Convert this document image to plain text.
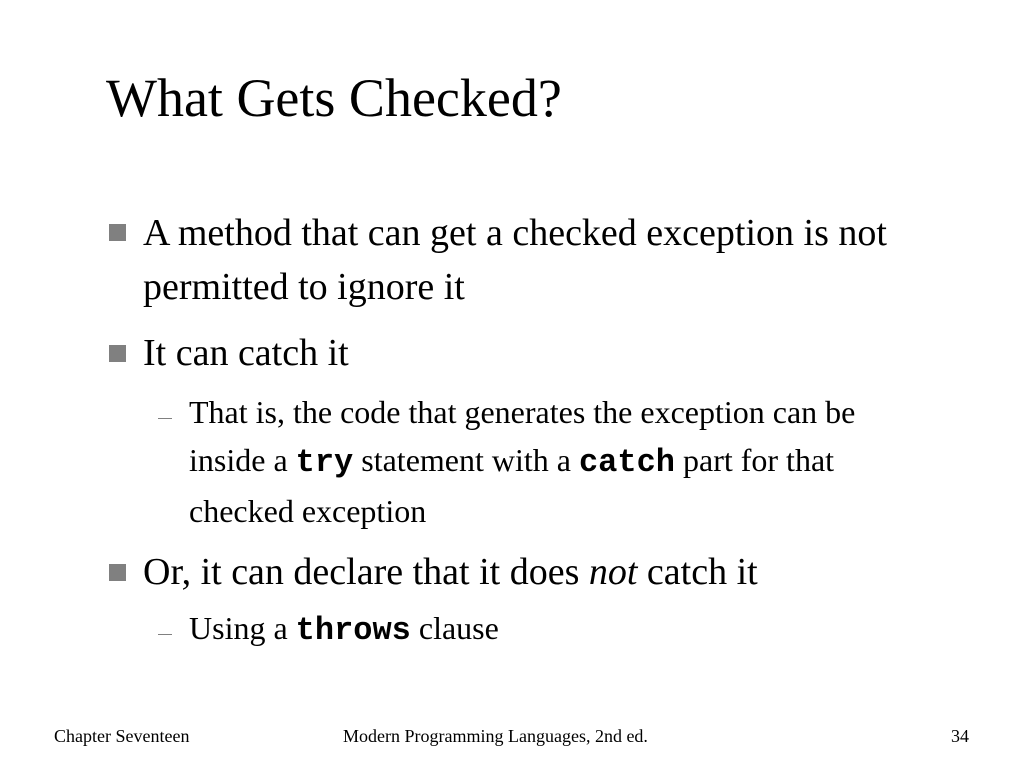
What Gets Checked?
A method that can get a checked exception is not permitted to ignore it
It can catch it
That is, the code that generates the exception can be inside a try statement with a catch part for that checked exception
Or, it can declare that it does not catch it
Using a throws clause
Chapter Seventeen	Modern Programming Languages, 2nd ed.	34
